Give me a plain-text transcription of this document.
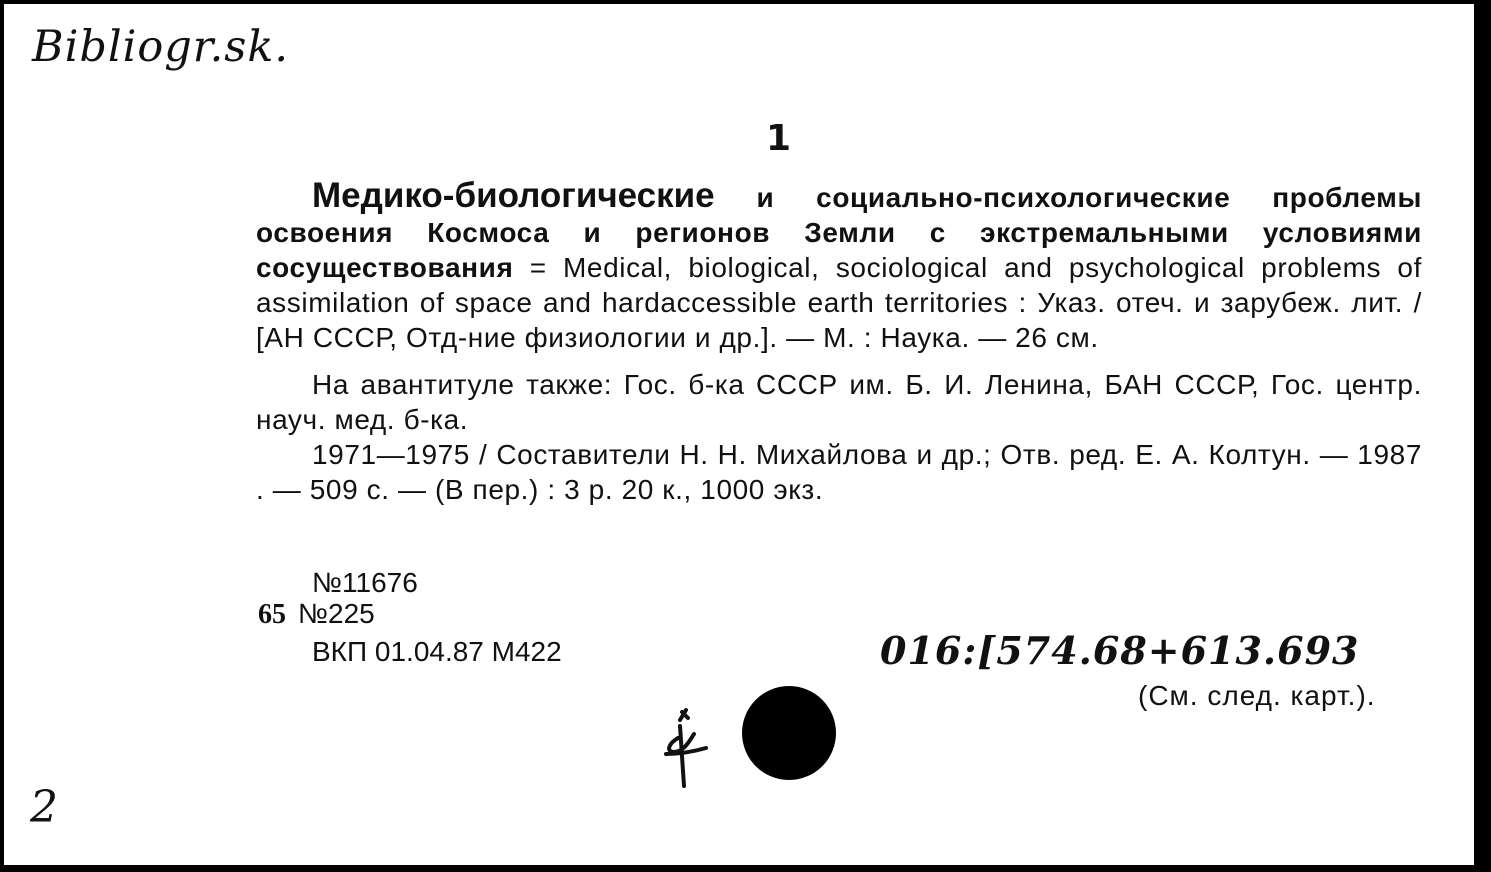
Bibliogr.sk.
1

Медико-биологические и социально-психологические проблемы освоения Космоса и регионов Земли с экстремальными условиями сосуществования = Medical, biological, sociological and psychological problems of assimilation of space and hardaccessible earth territories : Указ. отеч. и зарубеж. лит. / [АН СССР, Отд-ние физиологии и др.]. — М. : Наука. — 26 см.

На авантитуле также: Гос. б-ка СССР им. Б. И. Ленина, БАН СССР, Гос. центр. науч. мед. б-ка.

1971—1975 / Составители Н. Н. Михайлова и др.; Отв. ред. Е. А. Колтун. — 1987 . — 509 с. — (В пер.) : 3 р. 20 к., 1000 экз.

№11676
65 №225
ВКП 01.04.87 М422	016:[574.68+613.693
(См. след. карт.).
2
